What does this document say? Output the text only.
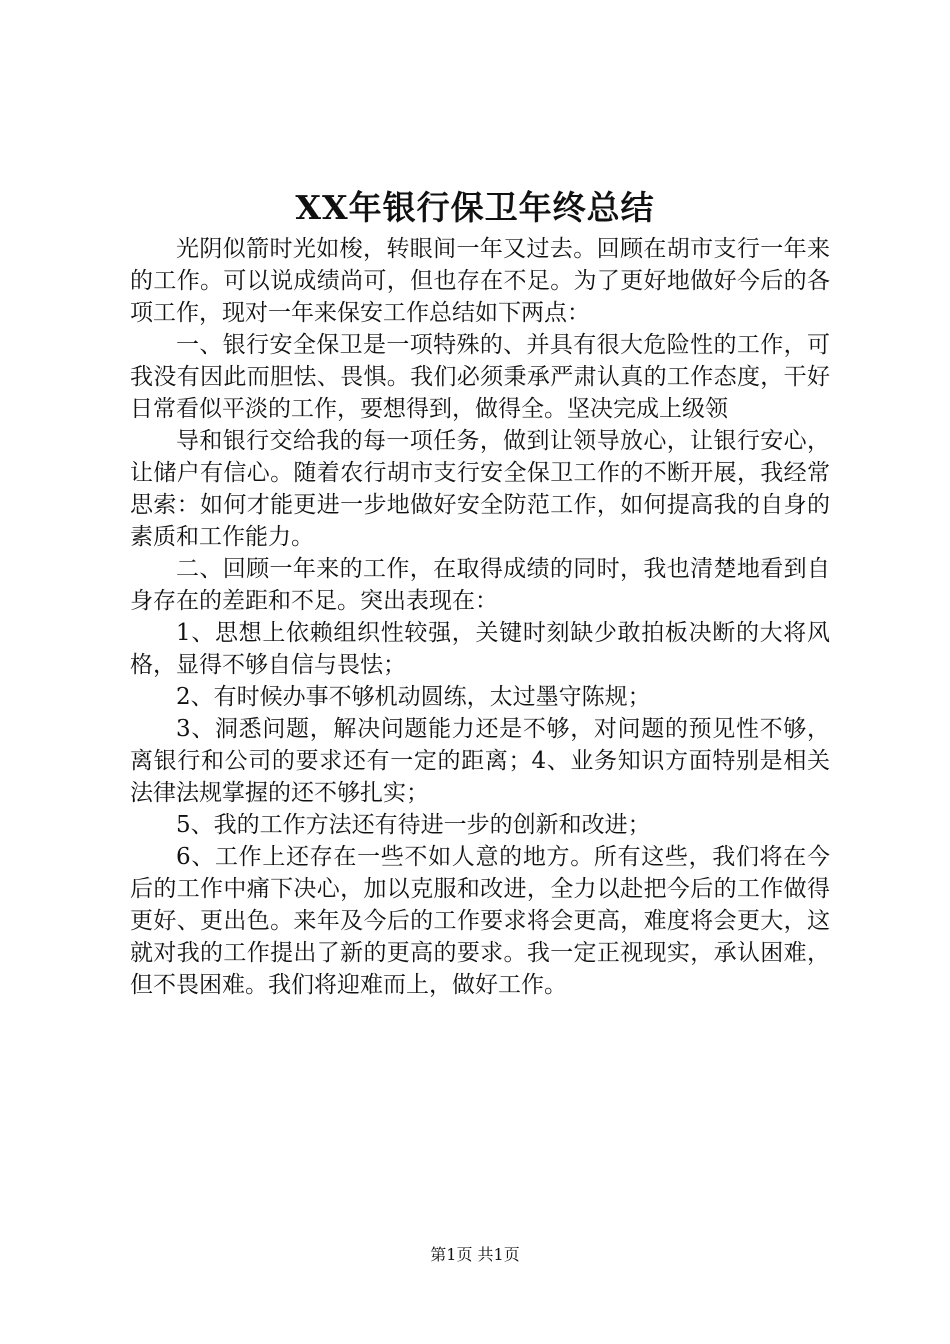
XX年银行保卫年终总结

光阴似箭时光如梭，转眼间一年又过去。回顾在胡市支行一年来的工作。可以说成绩尚可，但也存在不足。为了更好地做好今后的各项工作，现对一年来保安工作总结如下两点：

一、银行安全保卫是一项特殊的、并具有很大危险性的工作，可我没有因此而胆怯、畏惧。我们必须秉承严肃认真的工作态度，干好日常看似平淡的工作，要想得到，做得全。坚决完成上级领

导和银行交给我的每一项任务，做到让领导放心，让银行安心，让储户有信心。随着农行胡市支行安全保卫工作的不断开展，我经常思索：如何才能更进一步地做好安全防范工作，如何提高我的自身的素质和工作能力。

二、回顾一年来的工作，在取得成绩的同时，我也清楚地看到自身存在的差距和不足。突出表现在：

1、思想上依赖组织性较强，关键时刻缺少敢拍板决断的大将风格，显得不够自信与畏怯；

2、有时候办事不够机动圆练，太过墨守陈规；

3、洞悉问题，解决问题能力还是不够，对问题的预见性不够，离银行和公司的要求还有一定的距离；4、业务知识方面特别是相关法律法规掌握的还不够扎实；

5、我的工作方法还有待进一步的创新和改进；

6、工作上还存在一些不如人意的地方。所有这些，我们将在今后的工作中痛下决心，加以克服和改进，全力以赴把今后的工作做得更好、更出色。来年及今后的工作要求将会更高，难度将会更大，这就对我的工作提出了新的更高的要求。我一定正视现实，承认困难，但不畏困难。我们将迎难而上，做好工作。

第1页 共1页
